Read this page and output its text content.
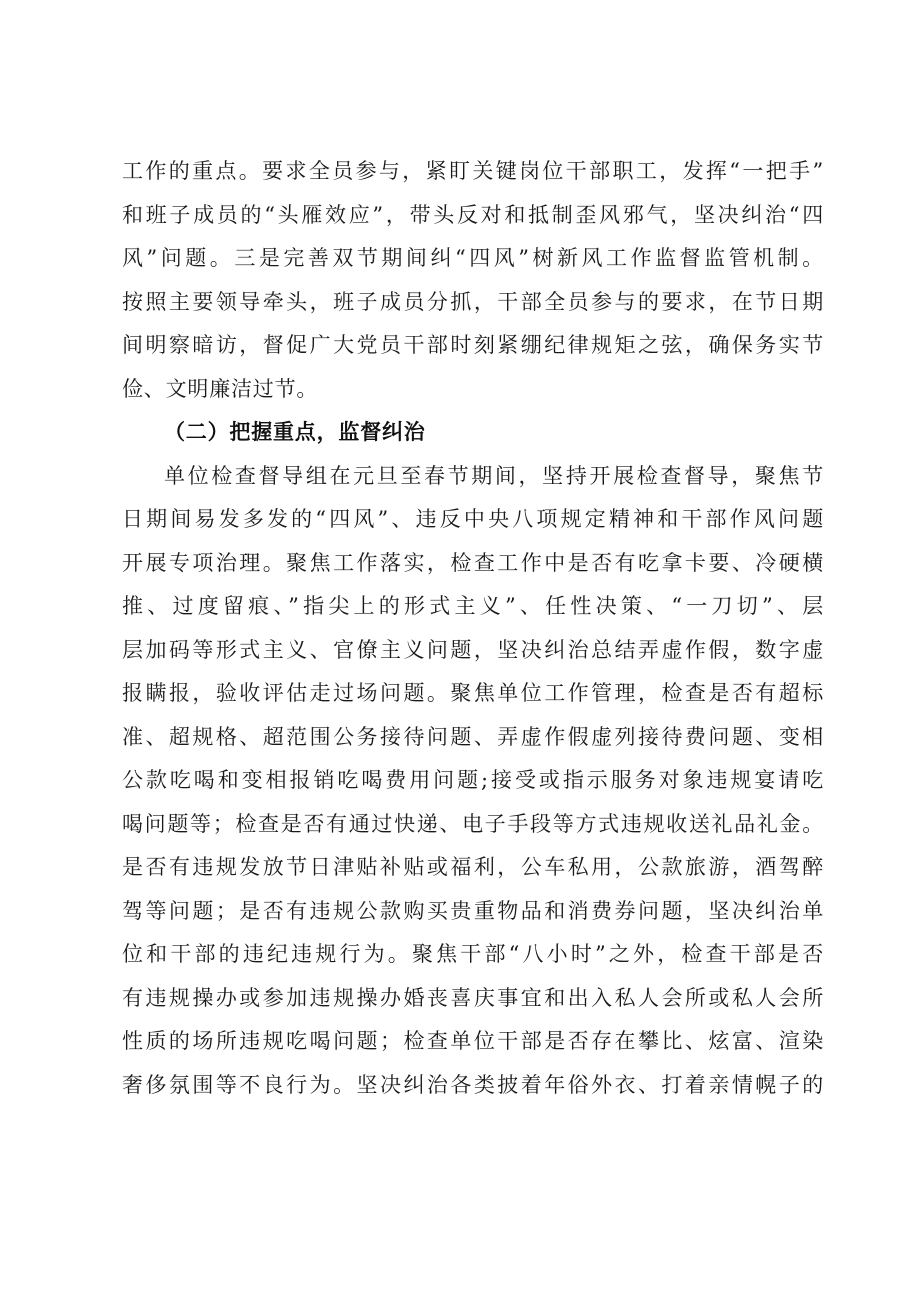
工作的重点。要求全员参与，紧盯关键岗位干部职工，发挥“一把手”
和班子成员的“头雁效应”，带头反对和抵制歪风邪气，坚决纠治“四
风”问题。三是完善双节期间纠“四风”树新风工作监督监管机制。
按照主要领导牵头，班子成员分抓，干部全员参与的要求，在节日期
间明察暗访，督促广大党员干部时刻紧绷纪律规矩之弦，确保务实节
俭、文明廉洁过节。

（二）把握重点，监督纠治

单位检查督导组在元旦至春节期间，坚持开展检查督导，聚焦节
日期间易发多发的“四风”、违反中央八项规定精神和干部作风问题
开展专项治理。聚焦工作落实，检查工作中是否有吃拿卡要、冷硬横
推、过度留痕、”指尖上的形式主义”、任性决策、“一刀切”、层
层加码等形式主义、官僚主义问题，坚决纠治总结弄虚作假，数字虚
报瞒报，验收评估走过场问题。聚焦单位工作管理，检查是否有超标
准、超规格、超范围公务接待问题、弄虚作假虚列接待费问题、变相
公款吃喝和变相报销吃喝费用问题;接受或指示服务对象违规宴请吃
喝问题等；检查是否有通过快递、电子手段等方式违规收送礼品礼金。
是否有违规发放节日津贴补贴或福利，公车私用，公款旅游，酒驾醉
驾等问题；是否有违规公款购买贵重物品和消费券问题，坚决纠治单
位和干部的违纪违规行为。聚焦干部“八小时”之外，检查干部是否
有违规操办或参加违规操办婚丧喜庆事宜和出入私人会所或私人会所
性质的场所违规吃喝问题；检查单位干部是否存在攀比、炫富、渲染
奢侈氛围等不良行为。坚决纠治各类披着年俗外衣、打着亲情幌子的
